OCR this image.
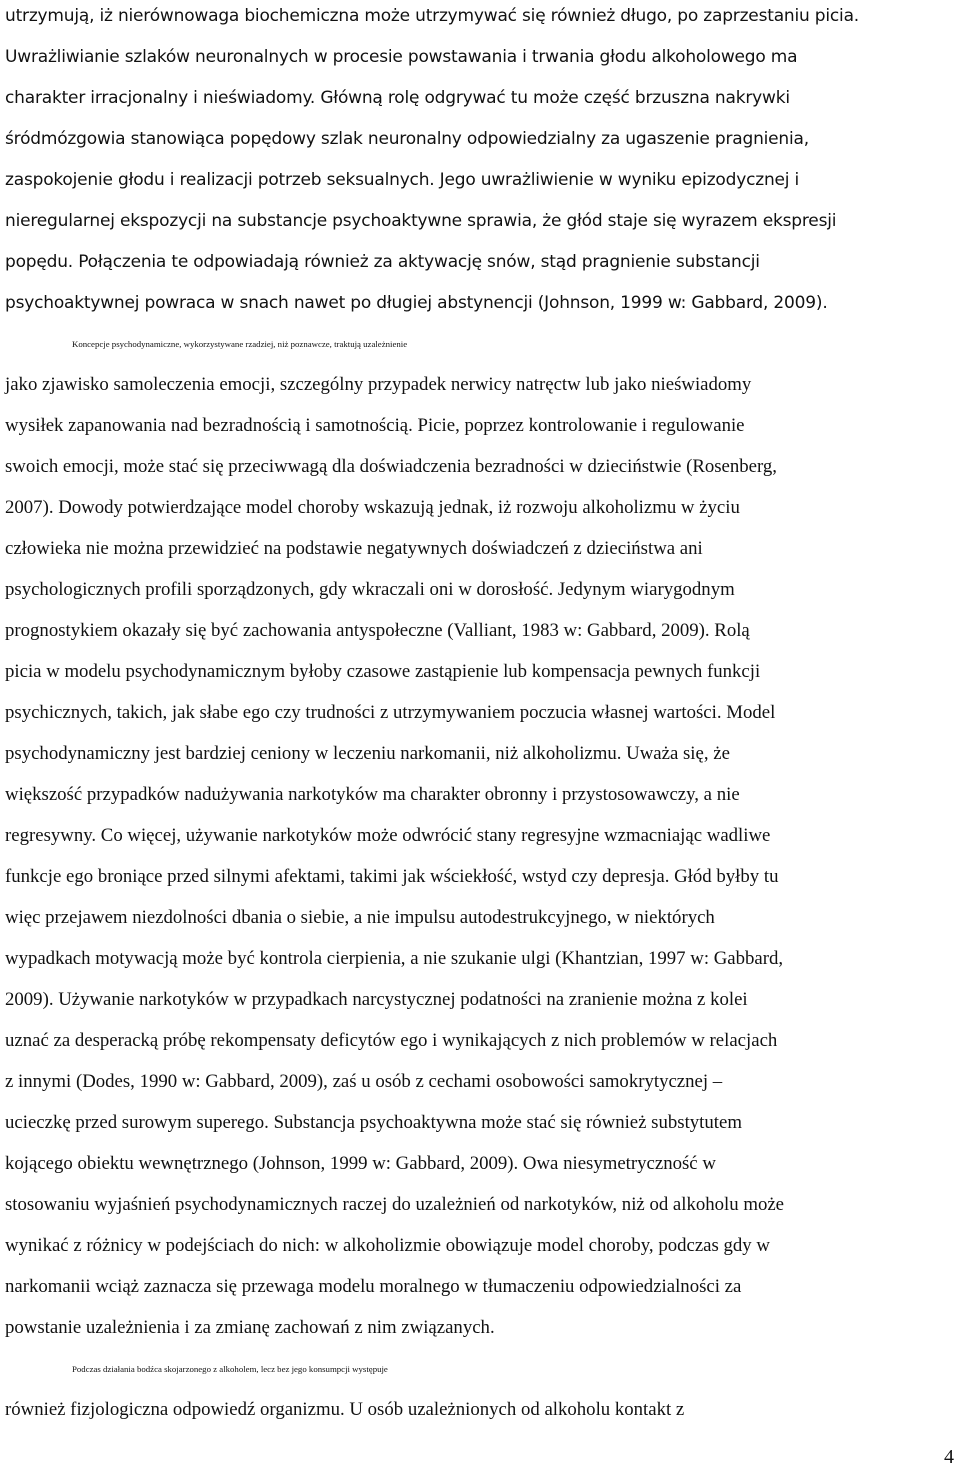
utrzymują, iż nierównowaga biochemiczna może utrzymywać się również długo, po zaprzestaniu picia.

Uwrażliwianie szlaków neuronalnych w procesie powstawania i trwania głodu alkoholowego ma

charakter irracjonalny i nieświadomy. Główną rolę odgrywać tu może część brzuszna nakrywki

śródmózgowia stanowiąca popędowy szlak neuronalny odpowiedzialny za ugaszenie pragnienia,

zaspokojenie głodu i realizacji potrzeb seksualnych. Jego uwrażliwienie w wyniku epizodycznej i

nieregularnej ekspozycji na substancje psychoaktywne sprawia, że głód staje się wyrazem ekspresji

popędu. Połączenia te odpowiadają również za aktywację snów, stąd pragnienie substancji

psychoaktywnej powraca w snach nawet po długiej abstynencji (Johnson, 1999 w: Gabbard, 2009).

Koncepcje psychodynamiczne, wykorzystywane rzadziej, niż poznawcze, traktują uzależnienie

jako zjawisko samoleczenia emocji, szczególny przypadek nerwicy natręctw lub jako nieświadomy

wysiłek zapanowania nad bezradnością i samotnością. Picie, poprzez kontrolowanie i regulowanie

swoich emocji, może stać się przeciwwagą dla doświadczenia bezradności w dzieciństwie (Rosenberg,

2007). Dowody potwierdzające model choroby wskazują jednak, iż rozwoju alkoholizmu w życiu

człowieka nie można przewidzieć na podstawie negatywnych doświadczeń z dzieciństwa ani

psychologicznych profili sporządzonych, gdy wkraczali oni w dorosłość. Jedynym wiarygodnym

prognostykiem okazały się być zachowania antyspołeczne (Valliant, 1983 w: Gabbard, 2009). Rolą

picia w modelu psychodynamicznym byłoby czasowe zastąpienie lub kompensacja pewnych funkcji

psychicznych, takich, jak słabe ego czy trudności z utrzymywaniem poczucia własnej wartości. Model

psychodynamiczny jest bardziej ceniony w leczeniu narkomanii, niż alkoholizmu. Uważa się, że

większość przypadków nadużywania narkotyków ma charakter obronny i przystosowawczy, a nie

regresywny. Co więcej, używanie narkotyków może odwrócić stany regresyjne wzmacniając wadliwe

funkcje ego broniące przed silnymi afektami, takimi jak wściekłość, wstyd czy depresja. Głód byłby tu

więc przejawem niezdolności dbania o siebie, a nie impulsu autodestrukcyjnego, w niektórych

wypadkach motywacją może być kontrola cierpienia, a nie szukanie ulgi (Khantzian, 1997 w: Gabbard,

2009). Używanie narkotyków w przypadkach narcystycznej podatności na zranienie można z kolei

uznać za desperacką próbę rekompensaty deficytów ego i wynikających z nich problemów w relacjach

z innymi (Dodes, 1990 w: Gabbard, 2009), zaś u osób z cechami osobowości samokrytycznej –

ucieczkę przed surowym superego. Substancja psychoaktywna może stać się również substytutem

kojącego obiektu wewnętrznego (Johnson, 1999 w: Gabbard, 2009). Owa niesymetryczność w

stosowaniu wyjaśnień psychodynamicznych raczej do uzależnień od narkotyków, niż od alkoholu może

wynikać z różnicy w podejściach do nich: w alkoholizmie obowiązuje model choroby, podczas gdy w

narkomanii wciąż zaznacza się przewaga modelu moralnego w tłumaczeniu odpowiedzialności za

powstanie uzależnienia i za zmianę zachowań z nim związanych.

Podczas działania bodźca skojarzonego z alkoholem, lecz bez jego konsumpcji występuje

również fizjologiczna odpowiedź organizmu. U osób uzależnionych od alkoholu kontakt z

4
